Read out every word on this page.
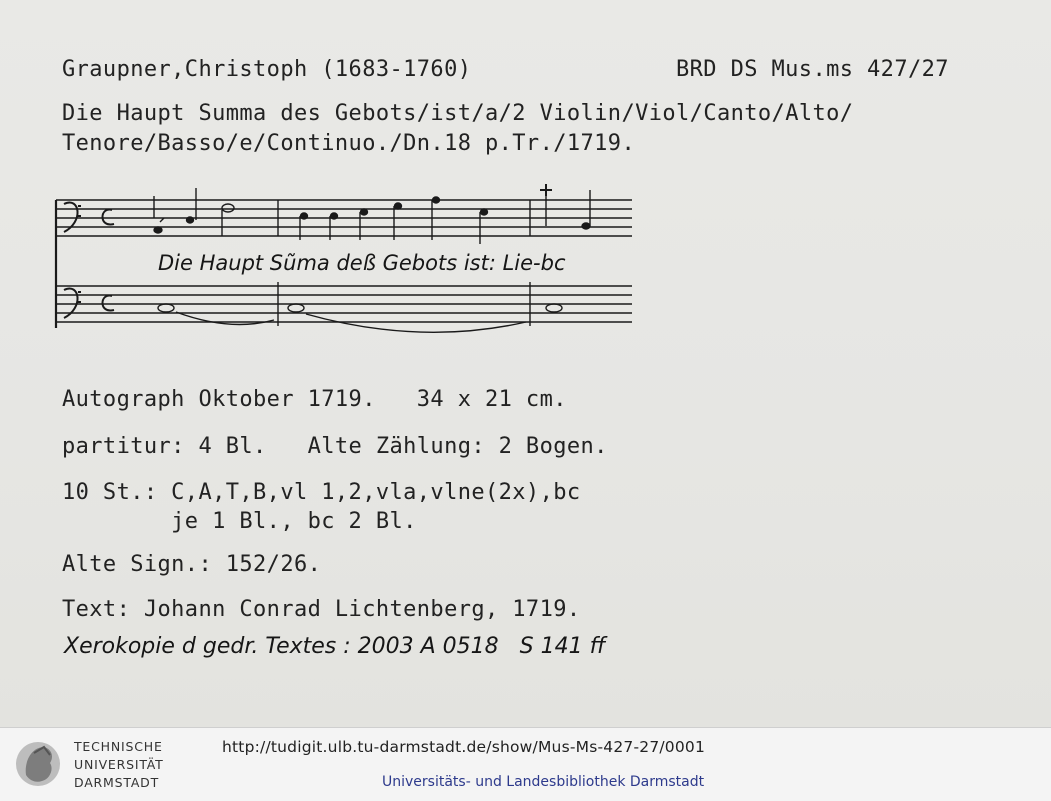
Graupner,Christoph (1683-1760)	BRD DS Mus.ms 427/27
Die Haupt Summa des Gebots/ist/a/2 Violin/Viol/Canto/Alto/
Tenore/Basso/e/Continuo./Dn.18 p.Tr./1719.
Die Haupt Sũma deß Gebots ist: Lie-bc
Autograph Oktober 1719.   34 x 21 cm.
partitur: 4 Bl.   Alte Zählung: 2 Bogen.
10 St.: C,A,T,B,vl 1,2,vla,vlne(2x),bc
je 1 Bl., bc 2 Bl.
Alte Sign.: 152/26.
Text: Johann Conrad Lichtenberg, 1719.
Xerokopie d gedr. Textes : 2003 A 0518   S 141 ff
TECHNISCHE
UNIVERSITÄT
DARMSTADT
http://tudigit.ulb.tu-darmstadt.de/show/Mus-Ms-427-27/0001
Universitäts- und Landesbibliothek Darmstadt
